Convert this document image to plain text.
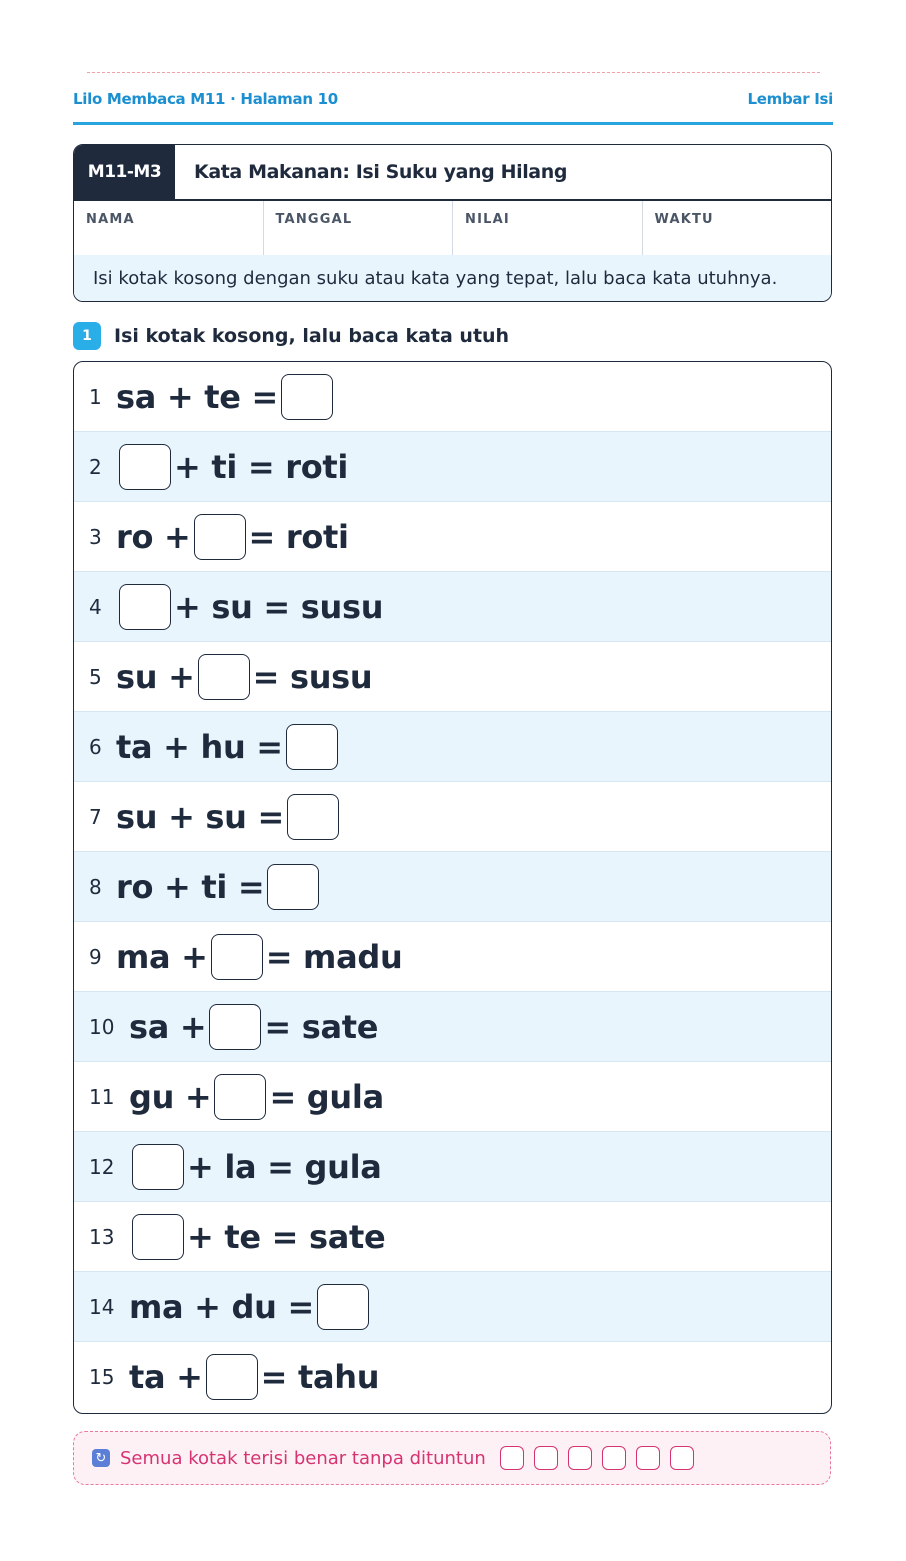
Lilo Membaca M11 · Halaman 10	Lembar Isi
M11-M3	Kata Makanan: Isi Suku yang Hilang
NAMA	TANGGAL	NILAI	WAKTU
Isi kotak kosong dengan suku atau kata yang tepat, lalu baca kata utuhnya.
1	Isi kotak kosong, lalu baca kata utuh
1 sa + te =
2	+ ti = roti
3 ro + = roti
4	+ su = susu
5 su + = susu
6 ta + hu =
7 su + su =
8 ro + ti =
9 ma + = madu
10 sa + = sate
11 gu + = gula
12	+ la = gula
13	+ te = sate
14 ma + du =
15 ta + = tahu
↻ Semua kotak terisi benar tanpa dituntun
